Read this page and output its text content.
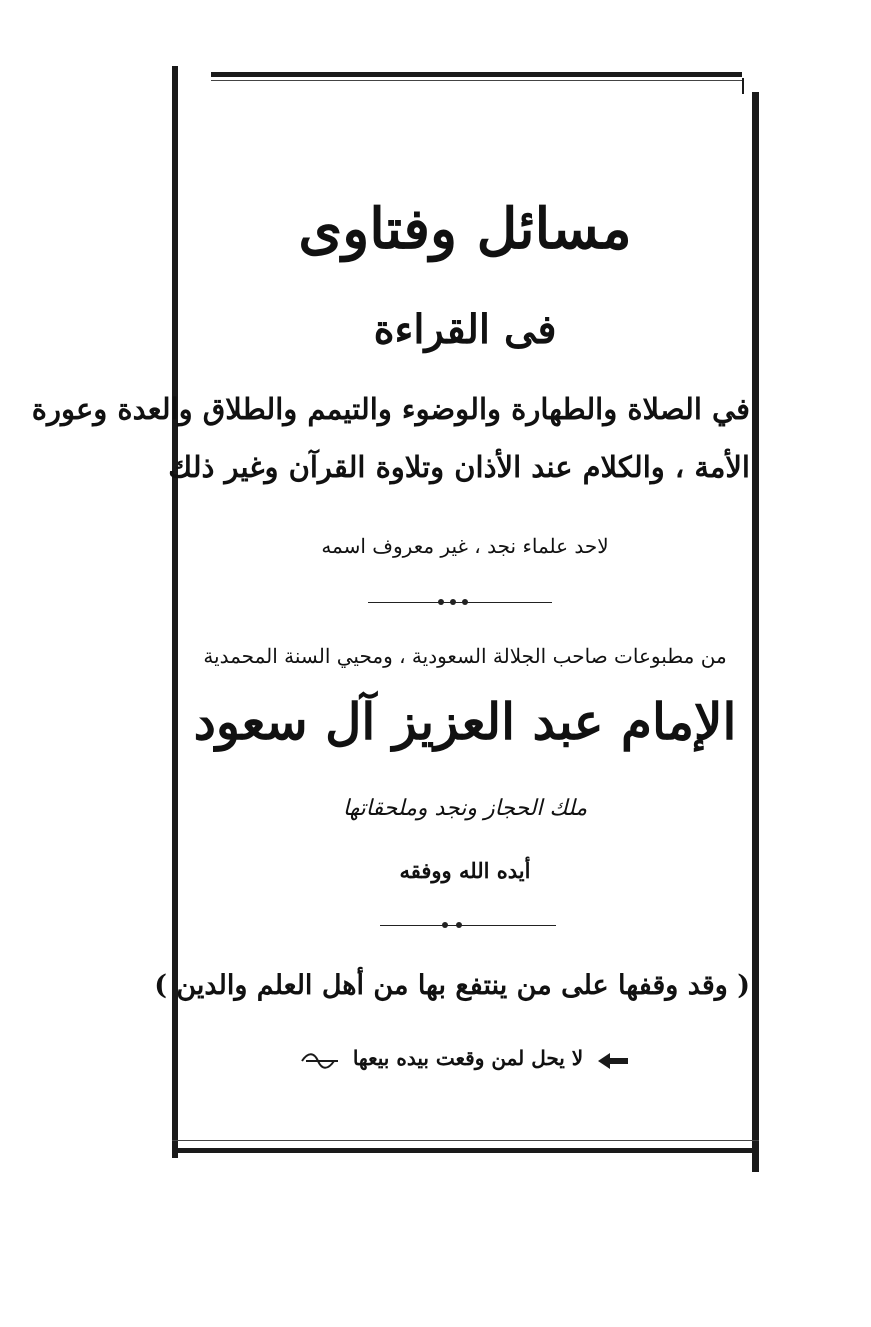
مسائل وفتاوى
فى القراءة
في الصلاة والطهارة والوضوء والتيمم والطلاق والعدة وعورة
الأمة ، والكلام عند الأذان وتلاوة القرآن وغير ذلك
لاحد علماء نجد ، غير معروف اسمه
من مطبوعات صاحب الجلالة السعودية ، ومحيي السنة المحمدية
الإمام عبد العزيز آل سعود
ملك الحجاز ونجد وملحقاتها
أيده الله ووفقه
( وقد وقفها على من ينتفع بها من أهل العلم والدين )
لا يحل لمن وقعت بيده بيعها
